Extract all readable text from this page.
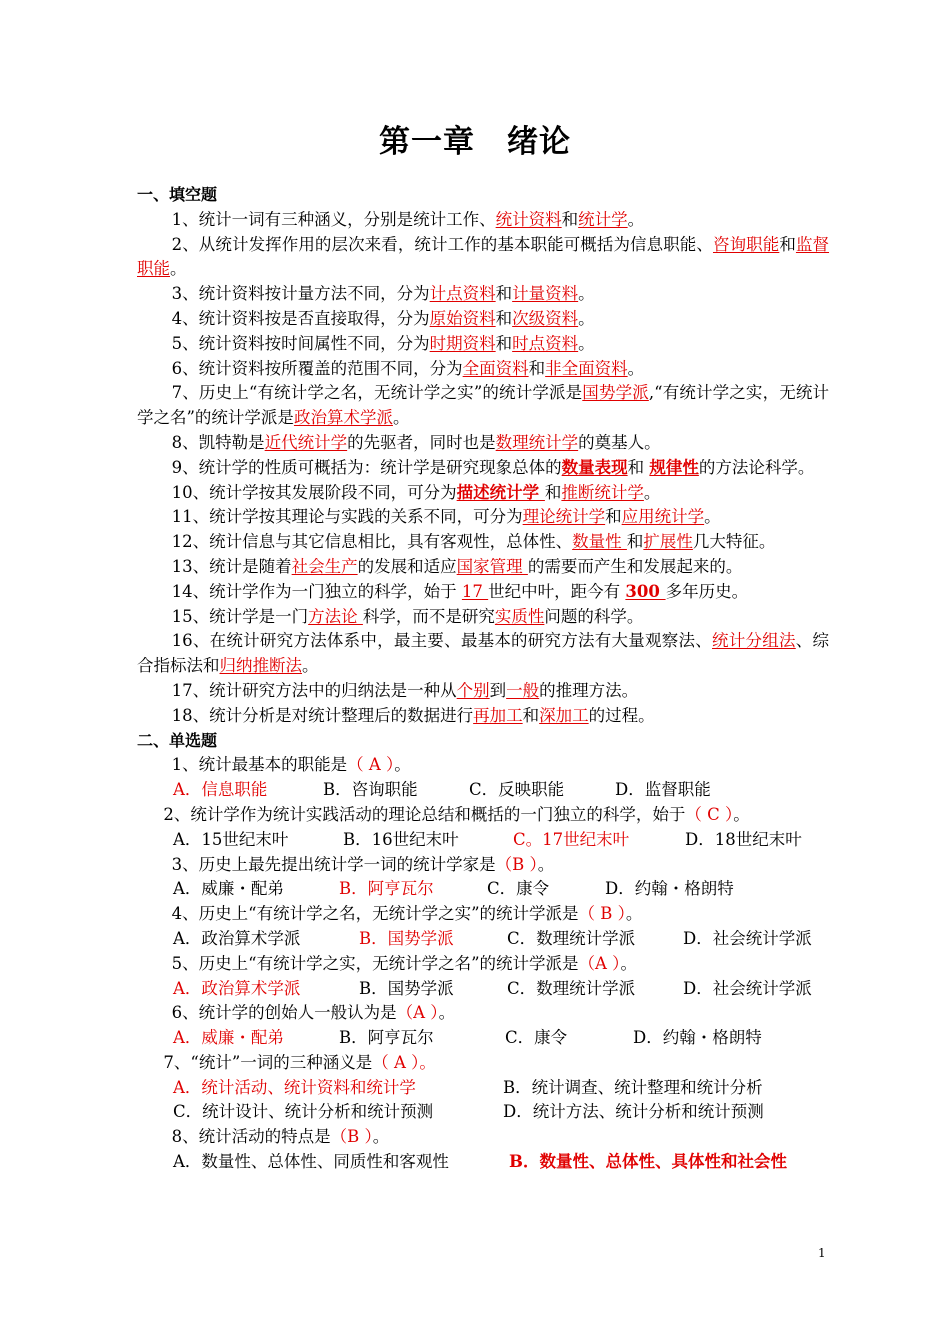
第一章　绪论

一、填空题

1、统计一词有三种涵义，分别是统计工作、统计资料和统计学。

2、从统计发挥作用的层次来看，统计工作的基本职能可概括为信息职能、咨询职能和监督职能。

3、统计资料按计量方法不同，分为计点资料和计量资料。

4、统计资料按是否直接取得，分为原始资料和次级资料。

5、统计资料按时间属性不同，分为时期资料和时点资料。

6、统计资料按所覆盖的范围不同，分为全面资料和非全面资料。

7、历史上“有统计学之名，无统计学之实”的统计学派是国势学派,“有统计学之实，无统计学之名”的统计学派是政治算术学派。

8、凯特勒是近代统计学的先驱者，同时也是数理统计学的奠基人。

9、统计学的性质可概括为：统计学是研究现象总体的数量表现和 规律性的方法论科学。

10、统计学按其发展阶段不同，可分为描述统计学 和推断统计学。

11、统计学按其理论与实践的关系不同，可分为理论统计学和应用统计学。

12、统计信息与其它信息相比，具有客观性，总体性、数量性 和扩展性几大特征。

13、统计是随着社会生产的发展和适应国家管理 的需要而产生和发展起来的。

14、统计学作为一门独立的科学，始于 17 世纪中叶，距今有 300 多年历史。

15、统计学是一门方法论 科学，而不是研究实质性问题的科学。

16、在统计研究方法体系中，最主要、最基本的研究方法有大量观察法、统计分组法、综合指标法和归纳推断法。

17、统计研究方法中的归纳法是一种从个别到一般的推理方法。

18、统计分析是对统计整理后的数据进行再加工和深加工的过程。

二、单选题

1、统计最基本的职能是（ A ）。

A．信息职能	B．咨询职能	C．反映职能	D．监督职能

2、统计学作为统计实践活动的理论总结和概括的一门独立的科学，始于（ C ）。

A．15世纪末叶	B．16世纪末叶	C。17世纪末叶	D．18世纪末叶

3、历史上最先提出统计学一词的统计学家是（B ）。

A．威廉・配弟	B．阿亨瓦尔	C．康令	D．约翰・格朗特

4、历史上“有统计学之名，无统计学之实”的统计学派是（ B ）。

A．政治算术学派	B．国势学派	C．数理统计学派	D．社会统计学派

5、历史上“有统计学之实，无统计学之名”的统计学派是（A ）。

A．政治算术学派	B．国势学派	C．数理统计学派	D．社会统计学派

6、统计学的创始人一般认为是（A ）。

A．威廉・配弟	B．阿亨瓦尔	C．康令	D．约翰・格朗特

7、“统计”一词的三种涵义是（ A ）。

A．统计活动、统计资料和统计学	B．统计调查、统计整理和统计分析

C．统计设计、统计分析和统计预测	D．统计方法、统计分析和统计预测

8、统计活动的特点是（B ）。

A．数量性、总体性、同质性和客观性	B．数量性、总体性、具体性和社会性

1
